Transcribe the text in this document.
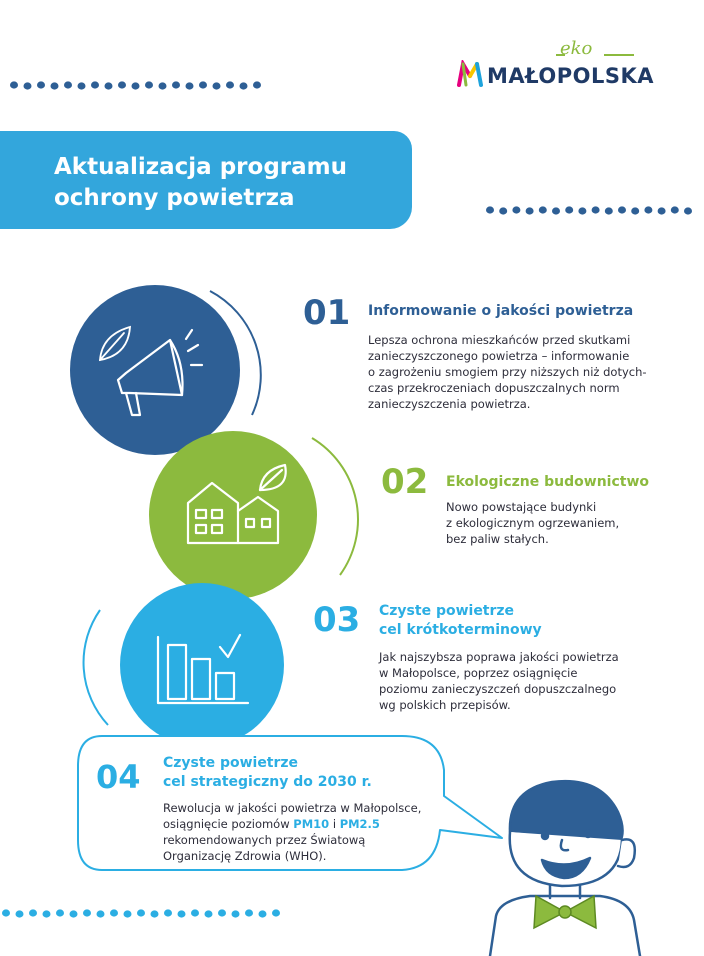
eko
MAŁOPOLSKA
Aktualizacja programu
ochrony powietrza
01 Informowanie o jakości powietrza
Lepsza ochrona mieszkańców przed skutkami
zanieczyszczonego powietrza – informowanie
o zagrożeniu smogiem przy niższych niż dotych-
czas przekroczeniach dopuszczalnych norm
zanieczyszczenia powietrza.
02 Ekologiczne budownictwo
Nowo powstające budynki
z ekologicznym ogrzewaniem,
bez paliw stałych.
03 Czyste powietrze
cel krótkoterminowy
Jak najszybsza poprawa jakości powietrza
w Małopolsce, poprzez osiągnięcie
poziomu zanieczyszczeń dopuszczalnego
wg polskich przepisów.
04 Czyste powietrze
cel strategiczny do 2030 r.
Rewolucja w jakości powietrza w Małopolsce,
osiągnięcie poziomów PM10 i PM2.5
rekomendowanych przez Światową
Organizację Zdrowia (WHO).
